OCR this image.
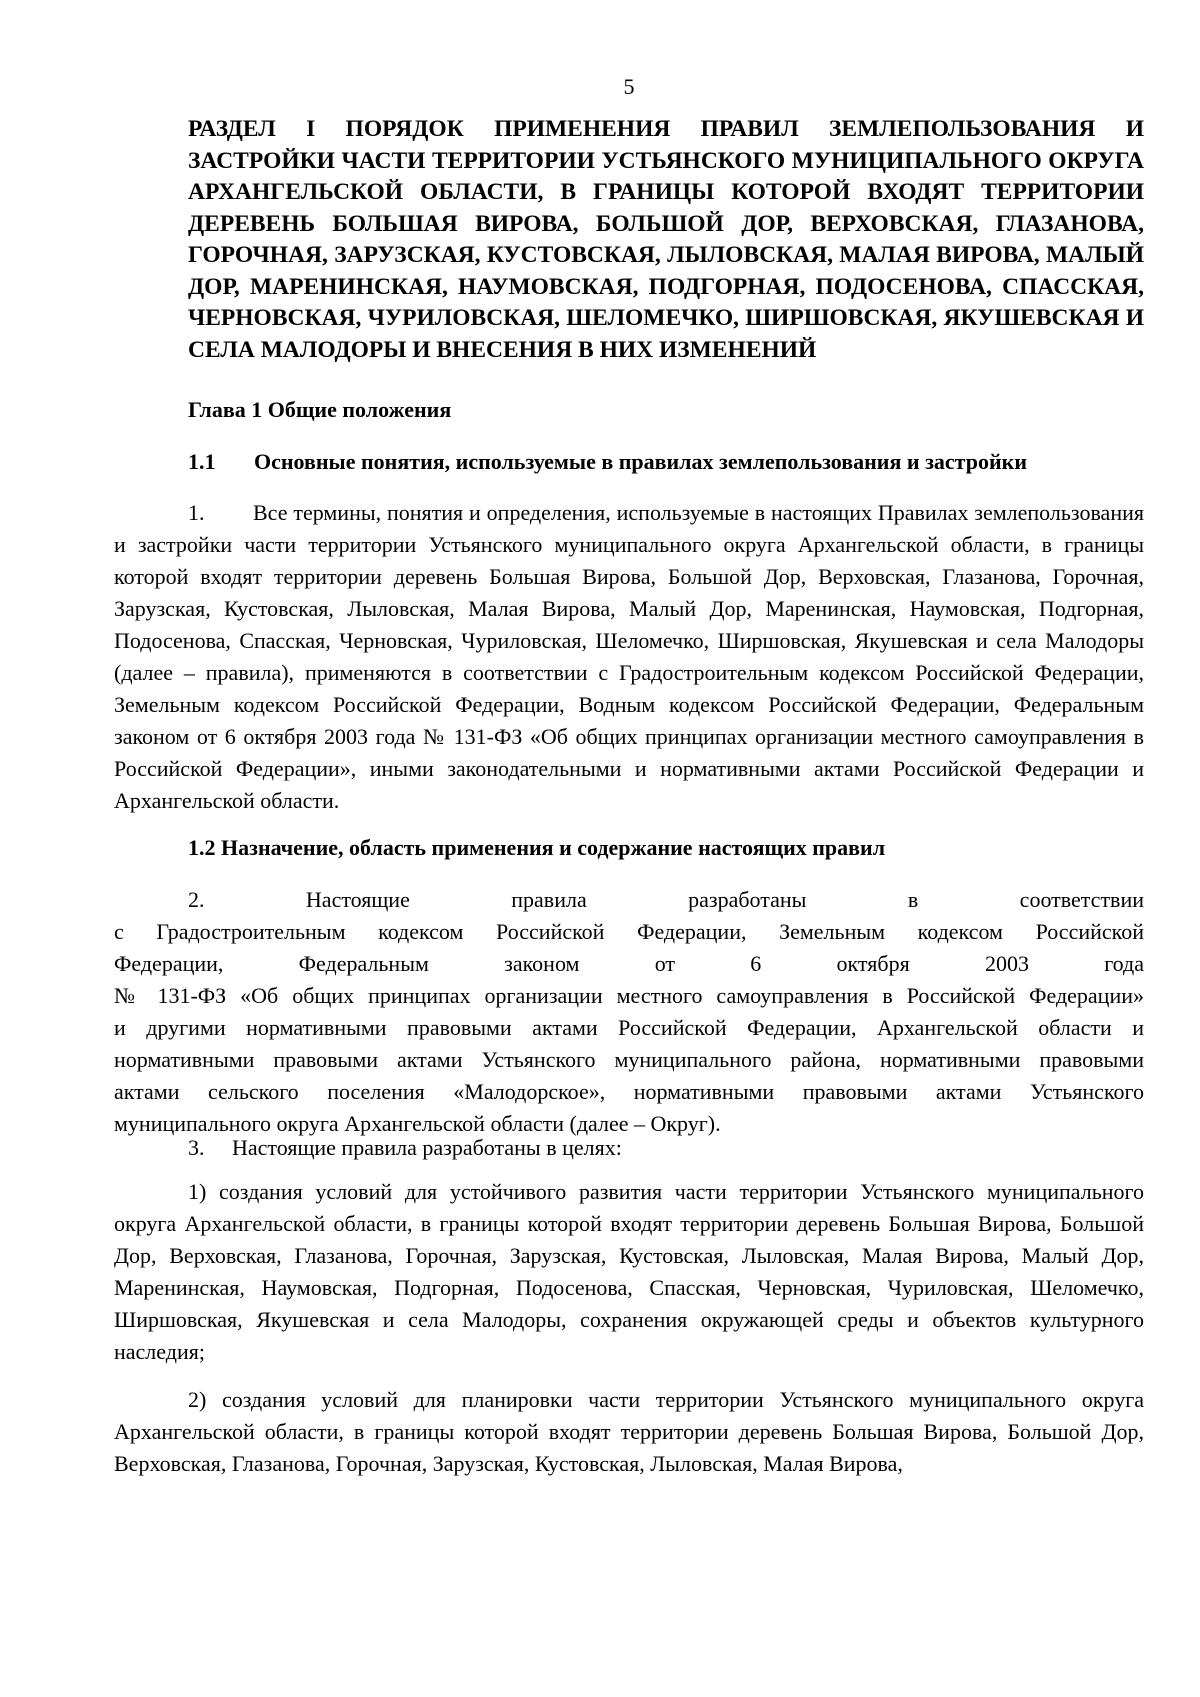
5
РАЗДЕЛ I ПОРЯДОК ПРИМЕНЕНИЯ ПРАВИЛ ЗЕМЛЕПОЛЬЗОВАНИЯ И ЗАСТРОЙКИ ЧАСТИ ТЕРРИТОРИИ УСТЬЯНСКОГО МУНИЦИПАЛЬНОГО ОКРУГА АРХАНГЕЛЬСКОЙ ОБЛАСТИ, В ГРАНИЦЫ КОТОРОЙ ВХОДЯТ ТЕРРИТОРИИ ДЕРЕВЕНЬ БОЛЬШАЯ ВИРОВА, БОЛЬШОЙ ДОР, ВЕРХОВСКАЯ, ГЛАЗАНОВА, ГОРОЧНАЯ, ЗАРУЗСКАЯ, КУСТОВСКАЯ, ЛЫЛОВСКАЯ, МАЛАЯ ВИРОВА, МАЛЫЙ ДОР, МАРЕНИНСКАЯ, НАУМОВСКАЯ, ПОДГОРНАЯ, ПОДОСЕНОВА, СПАССКАЯ, ЧЕРНОВСКАЯ, ЧУРИЛОВСКАЯ, ШЕЛОМЕЧКО, ШИРШОВСКАЯ, ЯКУШЕВСКАЯ И СЕЛА МАЛОДОРЫ И ВНЕСЕНИЯ В НИХ ИЗМЕНЕНИЙ
Глава 1 Общие положения
1.1 Основные понятия, используемые в правилах землепользования и застройки

1. Все термины, понятия и определения, используемые в настоящих Правилах землепользования и застройки части территории Устьянского муниципального округа Архангельской области, в границы которой входят территории деревень Большая Вирова, Большой Дор, Верховская, Глазанова, Горочная, Зарузская, Кустовская, Лыловская, Малая Вирова, Малый Дор, Маренинская, Наумовская, Подгорная, Подосенова, Спасская, Черновская, Чуриловская, Шеломечко, Ширшовская, Якушевская и села Малодоры (далее – правила), применяются в соответствии с Градостроительным кодексом Российской Федерации, Земельным кодексом Российской Федерации, Водным кодексом Российской Федерации, Федеральным законом от 6 октября 2003 года № 131-ФЗ «Об общих принципах организации местного самоуправления в Российской Федерации», иными законодательными и нормативными актами Российской Федерации и Архангельской области.

1.2 Назначение, область применения и содержание настоящих правил

2. Настоящие правила разработаны в соответствии
с Градостроительным кодексом Российской Федерации, Земельным кодексом Российской
Федерации, Федеральным законом от 6 октября 2003 года
№ 131-ФЗ «Об общих принципах организации местного самоуправления в Российской Федерации»
и другими нормативными правовыми актами Российской Федерации, Архангельской области и
нормативными правовыми актами Устьянского муниципального района, нормативными правовыми
актами сельского поселения «Малодорское», нормативными правовыми актами Устьянского
муниципального округа Архангельской области (далее – Округ).

3. Настоящие правила разработаны в целях:

1) создания условий для устойчивого развития части территории Устьянского муниципального округа Архангельской области, в границы которой входят территории деревень Большая Вирова, Большой Дор, Верховская, Глазанова, Горочная, Зарузская, Кустовская, Лыловская, Малая Вирова, Малый Дор, Маренинская, Наумовская, Подгорная, Подосенова, Спасская, Черновская, Чуриловская, Шеломечко, Ширшовская, Якушевская и села Малодоры, сохранения окружающей среды и объектов культурного наследия;

2) создания условий для планировки части территории Устьянского муниципального округа Архангельской области, в границы которой входят территории деревень Большая Вирова, Большой Дор, Верховская, Глазанова, Горочная, Зарузская, Кустовская, Лыловская, Малая Вирова,
